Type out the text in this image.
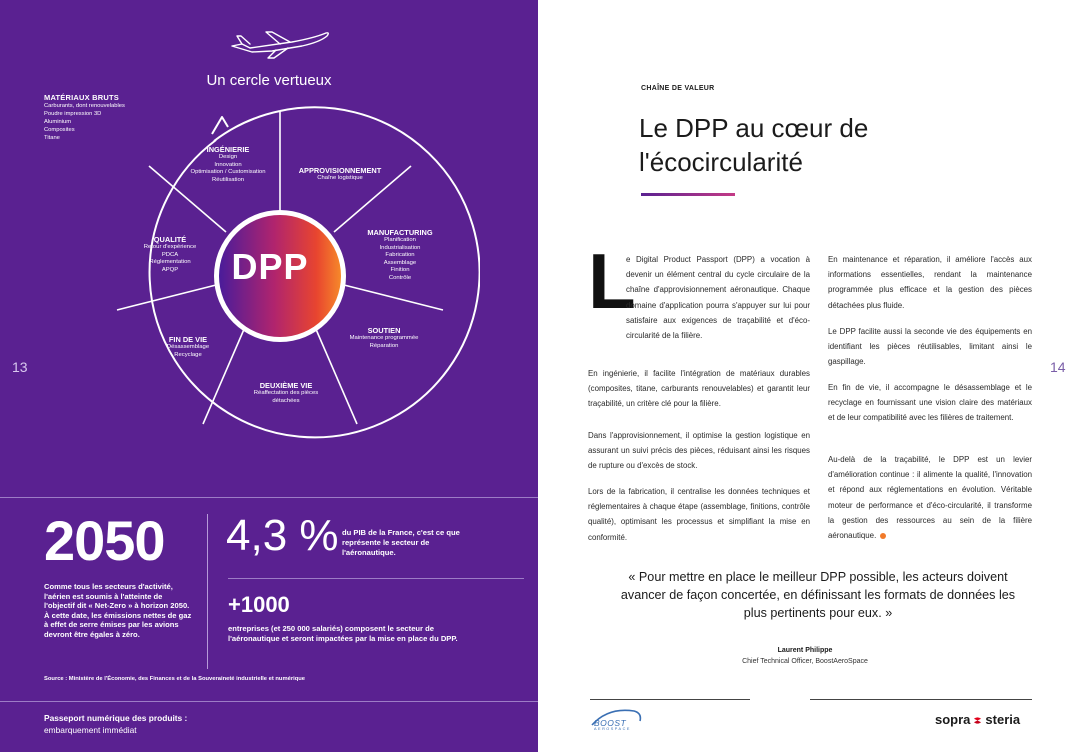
Un cercle vertueux
MATÉRIAUX BRUTS
Carburants, dont renouvelables
Poudre impression 3D
Aluminium
Composites
Titane
DPP
INGÉNIERIE
Design
Innovation
Optimisation / Customisation
Réutilisation
APPROVISIONNEMENT
Chaîne logistique
MANUFACTURING
Planification
Industrialisation
Fabrication
Assemblage
Finition
Contrôle
SOUTIEN
Maintenance programmée
Réparation
DEUXIÈME VIE
Réaffectation des pièces
détachées
FIN DE VIE
Désassemblage
Recyclage
QUALITÉ
Retour d'expérience
PDCA
Réglementation
APQP
13
2050
Comme tous les secteurs d'activité, l'aérien est soumis à l'atteinte de l'objectif dit « Net-Zero » à horizon 2050. À cette date, les émissions nettes de gaz à effet de serre émises par les avions devront être égales à zéro.
4,3 % du PIB de la France, c'est ce que représente le secteur de l'aéronautique.
+1000
entreprises (et 250 000 salariés) composent le secteur de l'aéronautique et seront impactées par la mise en place du DPP.
Source : Ministère de l'Économie, des Finances et de la Souveraineté industrielle et numérique
Passeport numérique des produits :
embarquement immédiat
CHAÎNE DE VALEUR
Le DPP au cœur de
l'écocircularité
L
e Digital Product Passport (DPP) a vocation à devenir un élément central du cycle circulaire de la chaîne d'approvisionnement aéronautique. Chaque domaine d'application pourra s'appuyer sur lui pour satisfaire aux exigences de traçabilité et d'éco-circularité de la filière.
En ingénierie, il facilite l'intégration de matériaux durables (composites, titane, carburants renouvelables) et garantit leur traçabilité, un critère clé pour la filière.
Dans l'approvisionnement, il optimise la gestion logistique en assurant un suivi précis des pièces, réduisant ainsi les risques de rupture ou d'excès de stock.
Lors de la fabrication, il centralise les données techniques et réglementaires à chaque étape (assemblage, finitions, contrôle qualité), optimisant les processus et simplifiant la mise en conformité.
En maintenance et réparation, il améliore l'accès aux informations essentielles, rendant la maintenance programmée plus efficace et la gestion des pièces détachées plus fluide.
Le DPP facilite aussi la seconde vie des équipements en identifiant les pièces réutilisables, limitant ainsi le gaspillage.
En fin de vie, il accompagne le désassemblage et le recyclage en fournissant une vision claire des matériaux et de leur compatibilité avec les filières de traitement.
Au-delà de la traçabilité, le DPP est un levier d'amélioration continue : il alimente la qualité, l'innovation et répond aux réglementations en évolution. Véritable moteur de performance et d'éco-circularité, il transforme la gestion des ressources au sein de la filière aéronautique.
« Pour mettre en place le meilleur DPP possible, les acteurs doivent avancer de façon concertée, en définissant les formats de données les plus pertinents pour eux. »
Laurent Philippe
Chief Technical Officer, BoostAeroSpace
14
BOOST
AEROSPACE
sopra steria
